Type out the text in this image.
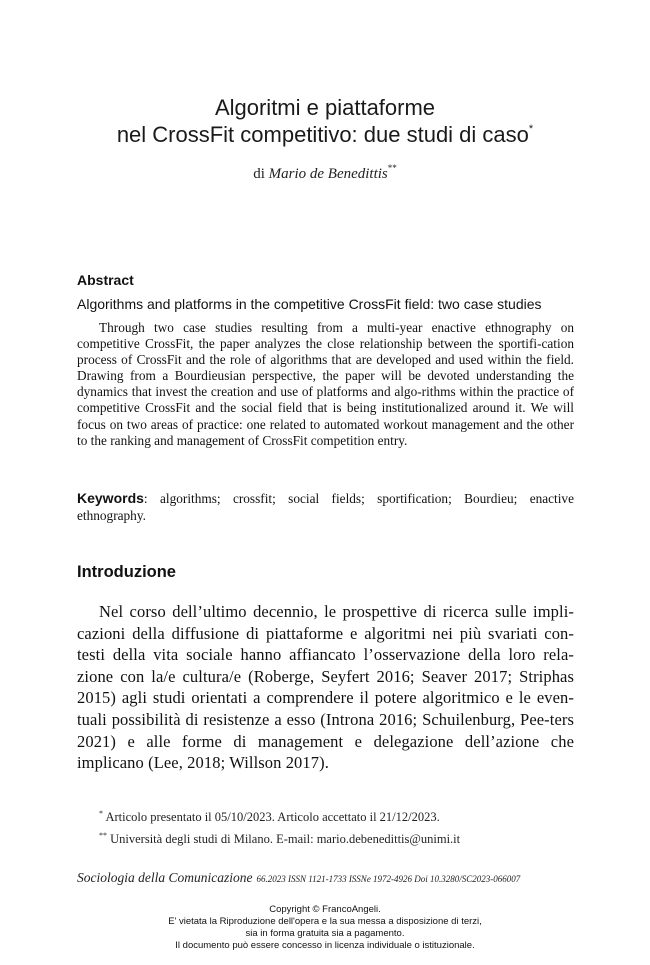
Algoritmi e piattaforme
nel CrossFit competitivo: due studi di caso*
di Mario de Benedittis**
Abstract
Algorithms and platforms in the competitive CrossFit field: two case studies

Through two case studies resulting from a multi-year enactive ethnography on competitive CrossFit, the paper analyzes the close relationship between the sportifi-cation process of CrossFit and the role of algorithms that are developed and used within the field. Drawing from a Bourdieusian perspective, the paper will be devoted understanding the dynamics that invest the creation and use of platforms and algo-rithms within the practice of competitive CrossFit and the social field that is being institutionalized around it. We will focus on two areas of practice: one related to automated workout management and the other to the ranking and management of CrossFit competition entry.

Keywords: algorithms; crossfit; social fields; sportification; Bourdieu; enactive ethnography.

Introduzione

Nel corso dell’ultimo decennio, le prospettive di ricerca sulle impli-cazioni della diffusione di piattaforme e algoritmi nei più svariati con-testi della vita sociale hanno affiancato l’osservazione della loro rela-zione con la/e cultura/e (Roberge, Seyfert 2016; Seaver 2017; Striphas 2015) agli studi orientati a comprendere il potere algoritmico e le even-tuali possibilità di resistenze a esso (Introna 2016; Schuilenburg, Pee-ters 2021) e alle forme di management e delegazione dell’azione che implicano (Lee, 2018; Willson 2017).

* Articolo presentato il 05/10/2023. Articolo accettato il 21/12/2023.
** Università degli studi di Milano. E-mail: mario.debenedittis@unimi.it
Sociologia della Comunicazione 66.2023 ISSN 1121-1733 ISSNe 1972-4926 Doi 10.3280/SC2023-066007
Copyright © FrancoAngeli.
E' vietata la Riproduzione dell'opera e la sua messa a disposizione di terzi,
sia in forma gratuita sia a pagamento.
Il documento può essere concesso in licenza individuale o istituzionale.
